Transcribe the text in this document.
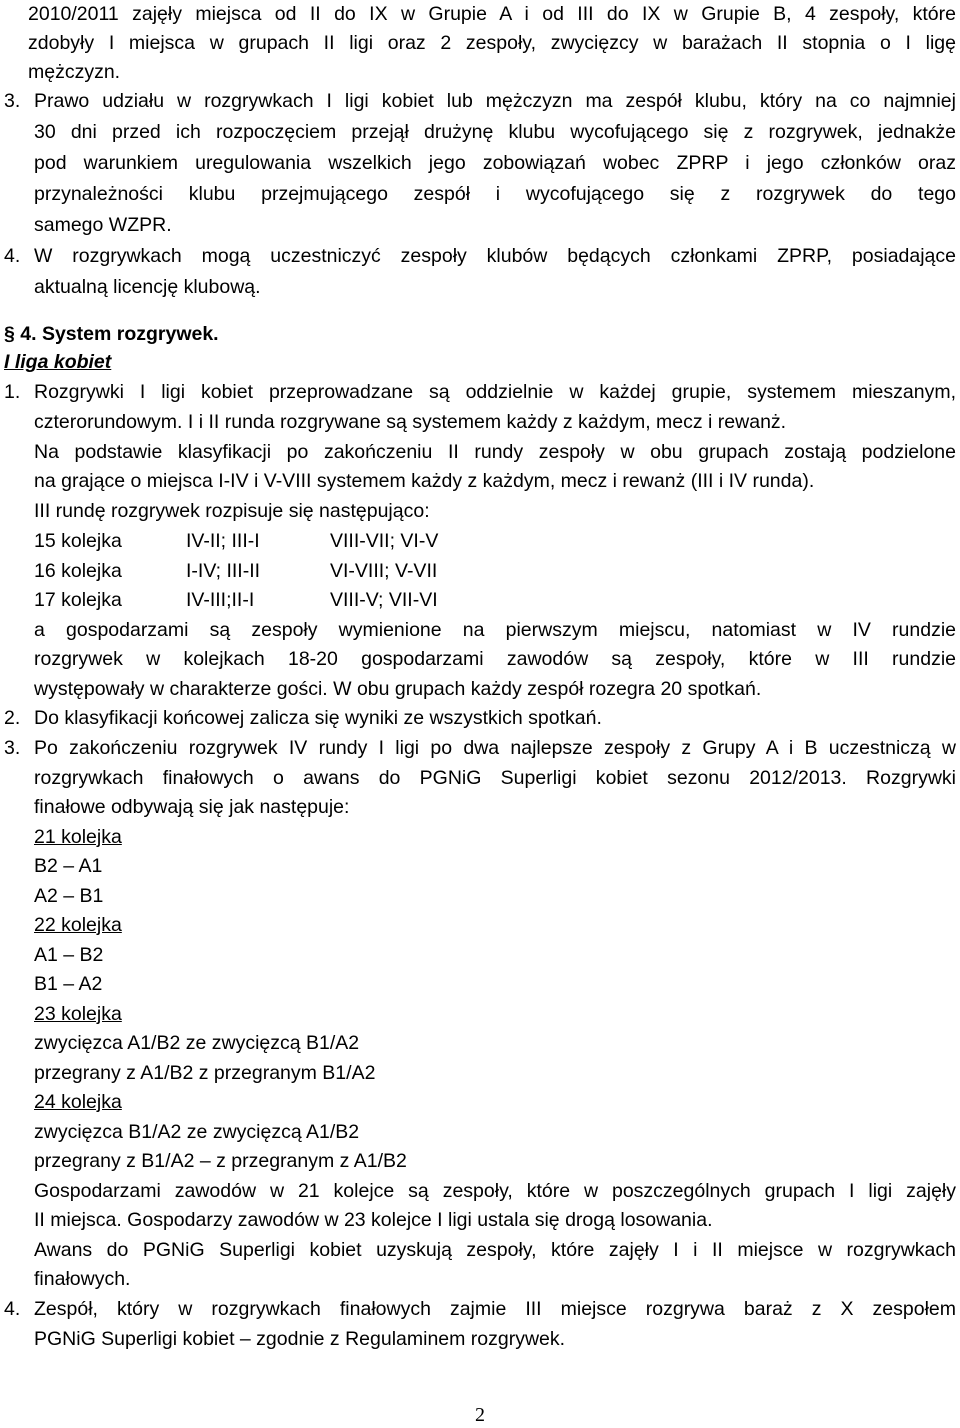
2010/2011 zajęły miejsca od II do IX w Grupie A i od III do IX w Grupie B, 4 zespoły, które
zdobyły I miejsca w grupach II ligi oraz 2 zespoły, zwycięzcy w barażach II stopnia o I ligę
mężczyzn.
3. Prawo udziału w rozgrywkach I ligi kobiet lub mężczyzn ma zespół klubu, który na co najmniej
30 dni przed ich rozpoczęciem przejął drużynę klubu wycofującego się z rozgrywek, jednakże
pod warunkiem uregulowania wszelkich jego zobowiązań wobec ZPRP i jego członków oraz
przynależności klubu przejmującego zespół i wycofującego się z rozgrywek do tego
samego WZPR.
4. W rozgrywkach mogą uczestniczyć zespoły klubów będących członkami ZPRP, posiadające
aktualną licencję klubową.
§ 4. System rozgrywek.
I liga kobiet
1. Rozgrywki I ligi kobiet przeprowadzane są oddzielnie w każdej grupie, systemem mieszanym,
czterorundowym. I i II runda rozgrywane są systemem każdy z każdym, mecz i rewanż.
Na podstawie klasyfikacji po zakończeniu II rundy zespoły w obu grupach zostają podzielone
na grające o miejsca I-IV i V-VIII systemem każdy z każdym, mecz i rewanż (III i IV runda).
III rundę rozgrywek rozpisuje się następująco:
15 kolejka	IV-II; III-I	VIII-VII; VI-V
16 kolejka	I-IV; III-II	VI-VIII; V-VII
17 kolejka	IV-III;II-I	VIII-V; VII-VI
a gospodarzami są zespoły wymienione na pierwszym miejscu, natomiast w IV rundzie
rozgrywek w kolejkach 18-20 gospodarzami zawodów są zespoły, które w III rundzie
występowały w charakterze gości. W obu grupach każdy zespół rozegra 20 spotkań.
2. Do klasyfikacji końcowej zalicza się wyniki ze wszystkich spotkań.
3. Po zakończeniu rozgrywek IV rundy I ligi po dwa najlepsze zespoły z Grupy A i B uczestniczą w
rozgrywkach finałowych o awans do PGNiG Superligi kobiet sezonu 2012/2013. Rozgrywki
finałowe odbywają się jak następuje:
21 kolejka
B2 – A1
A2 – B1
22 kolejka
A1 – B2
B1 – A2
23 kolejka
zwycięzca A1/B2 ze zwycięzcą B1/A2
przegrany z A1/B2 z przegranym B1/A2
24 kolejka
zwycięzca B1/A2 ze zwycięzcą A1/B2
przegrany z B1/A2 – z przegranym z A1/B2
Gospodarzami zawodów w 21 kolejce są zespoły, które w poszczególnych grupach I ligi zajęły
II miejsca. Gospodarzy zawodów w 23 kolejce I ligi ustala się drogą losowania.
Awans do PGNiG Superligi kobiet uzyskują zespoły, które zajęły I i II miejsce w rozgrywkach
finałowych.
4. Zespół, który w rozgrywkach finałowych zajmie III miejsce rozgrywa baraż z X zespołem
PGNiG Superligi kobiet – zgodnie z Regulaminem rozgrywek.
2
